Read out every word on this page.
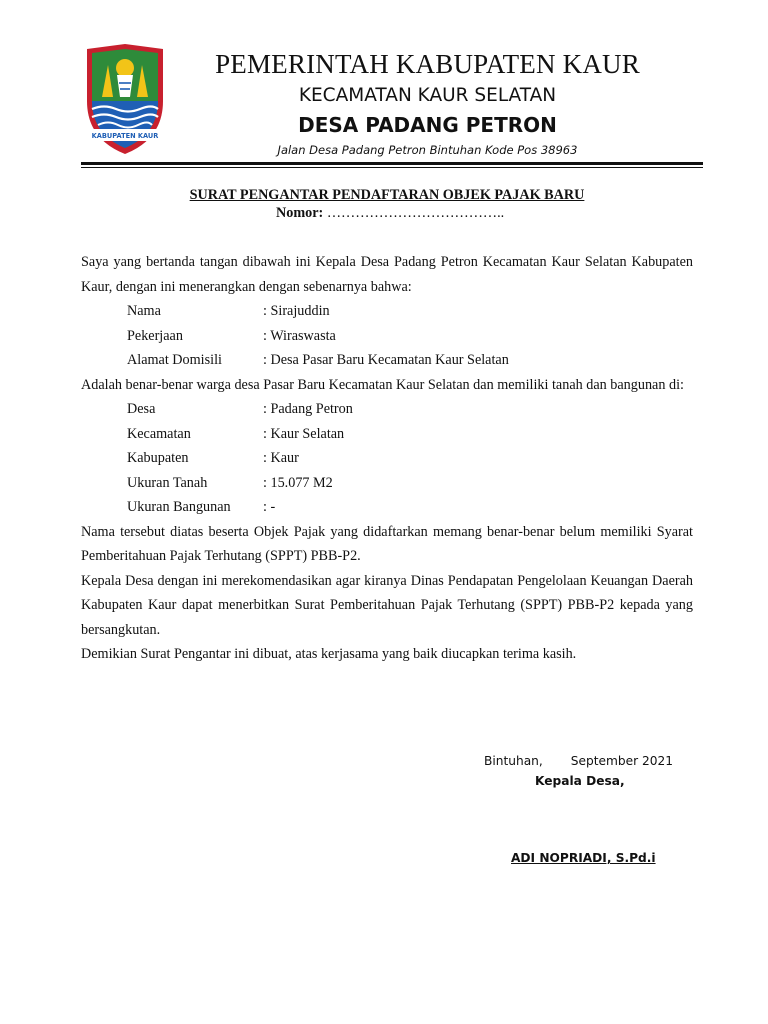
KABUPATEN KAUR
PEMERINTAH KABUPATEN KAUR
KECAMATAN KAUR SELATAN
DESA PADANG PETRON
Jalan Desa Padang Petron Bintuhan Kode Pos 38963
SURAT PENGANTAR PENDAFTARAN OBJEK PAJAK BARU
Nomor: ………………………………..

Saya yang bertanda tangan dibawah ini Kepala Desa Padang Petron Kecamatan Kaur Selatan Kabupaten Kaur, dengan ini menerangkan dengan sebenarnya bahwa:

Nama	: Sirajuddin
Pekerjaan	: Wiraswasta
Alamat Domisili	: Desa Pasar Baru Kecamatan Kaur Selatan

Adalah benar-benar warga desa Pasar Baru Kecamatan Kaur Selatan dan memiliki tanah dan bangunan di:

Desa	: Padang Petron
Kecamatan	: Kaur Selatan
Kabupaten	: Kaur
Ukuran Tanah	: 15.077 M2
Ukuran Bangunan	: -

Nama tersebut diatas beserta Objek Pajak yang didaftarkan memang benar-benar belum memiliki Syarat Pemberitahuan Pajak Terhutang (SPPT) PBB-P2.

Kepala Desa dengan ini merekomendasikan agar kiranya Dinas Pendapatan Pengelolaan Keuangan Daerah Kabupaten Kaur dapat menerbitkan Surat Pemberitahuan Pajak Terhutang (SPPT) PBB-P2 kepada yang bersangkutan.

Demikian Surat Pengantar ini dibuat, atas kerjasama yang baik diucapkan terima kasih.

Bintuhan, September 2021
Kepala Desa,
ADI NOPRIADI, S.Pd.i
